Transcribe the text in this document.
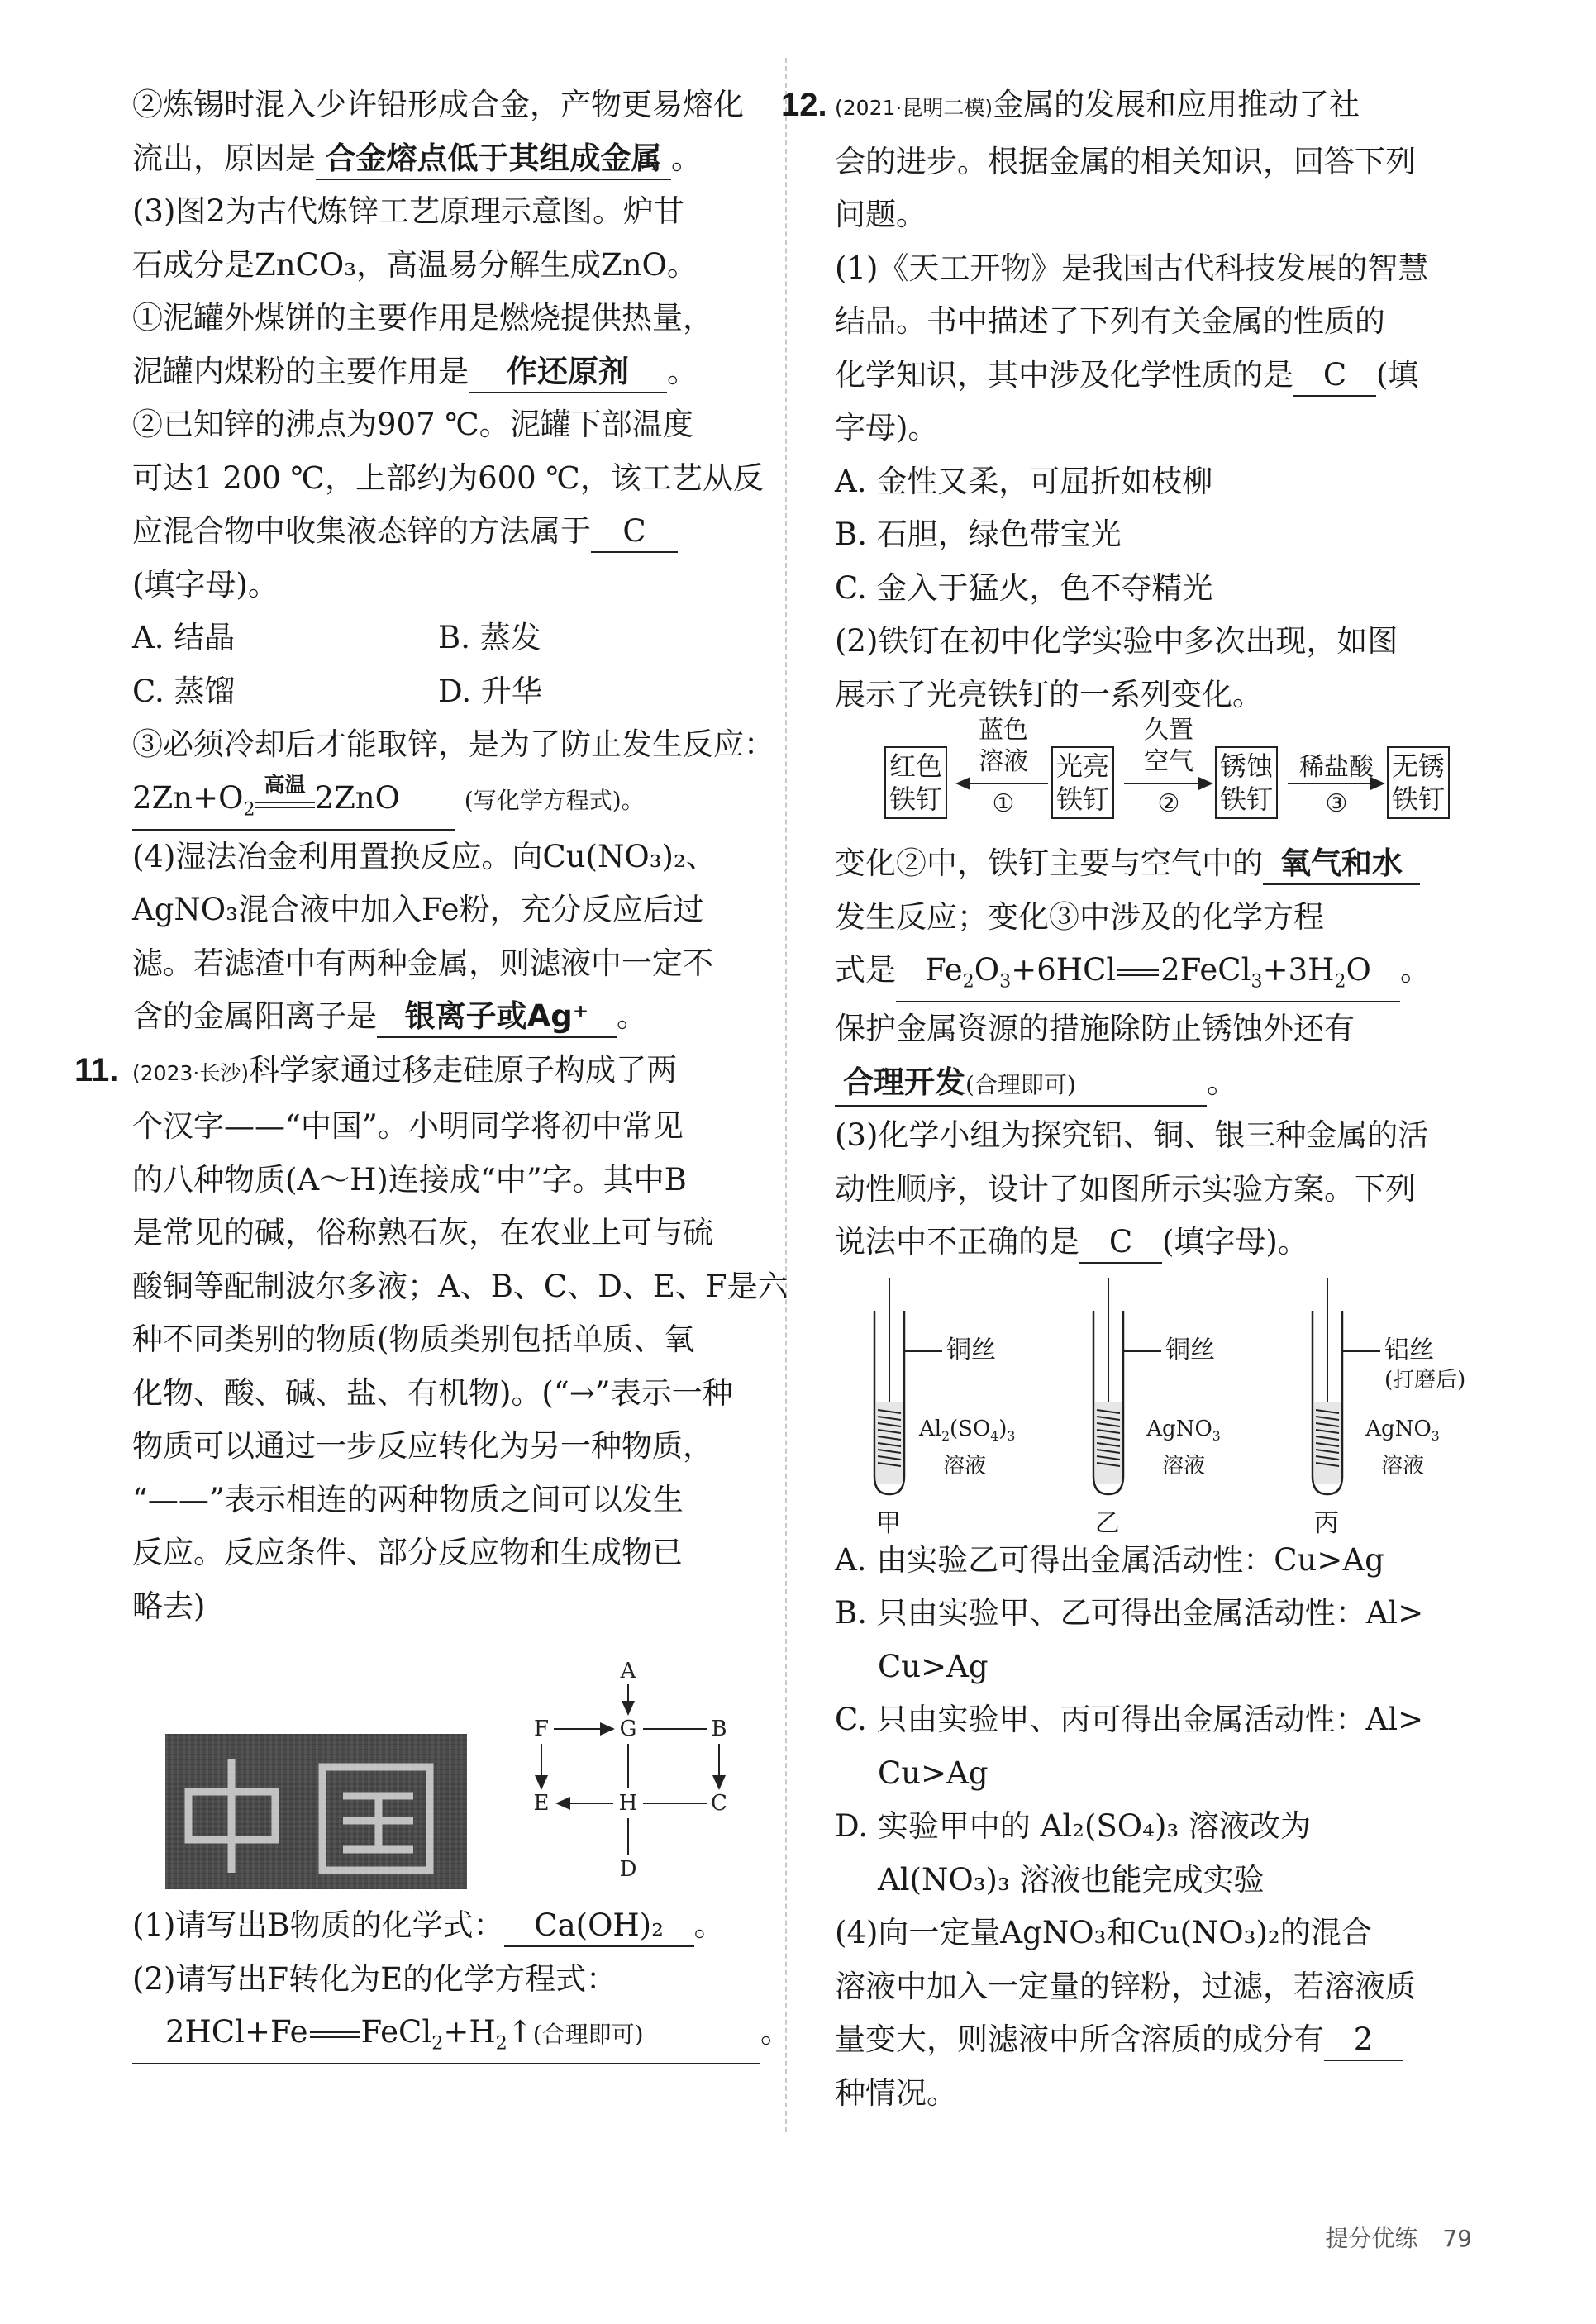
②炼锡时混入少许铅形成合金，产物更易熔化
流出，原因是 合金熔点低于其组成金属 。
(3)图2为古代炼锌工艺原理示意图。炉甘
石成分是ZnCO₃，高温易分解生成ZnO。
①泥罐外煤饼的主要作用是燃烧提供热量，
泥罐内煤粉的主要作用是 作还原剂 。
②已知锌的沸点为907 ℃。泥罐下部温度
可达1 200 ℃，上部约为600 ℃，该工艺从反
应混合物中收集液态锌的方法属于 C
(填字母)。
A. 结晶	B. 蒸发
C. 蒸馏	D. 升华
③必须冷却后才能取锌，是为了防止发生反应：
$2Zn+O_2$
高温 2ZnO	(写化学方程式)。
(4)湿法冶金利用置换反应。向Cu(NO₃)₂、
AgNO₃混合液中加入Fe粉，充分反应后过
滤。若滤渣中有两种金属，则滤液中一定不
含的金属阳离子是 银离子或Ag⁺ 。
11. (2023·长沙)科学家通过移走硅原子构成了两
个汉字——“中国”。小明同学将初中常见
的八种物质(A～H)连接成“中”字。其中B
是常见的碱，俗称熟石灰，在农业上可与硫
酸铜等配制波尔多液；A、B、C、D、E、F是六
种不同类别的物质(物质类别包括单质、氧
化物、酸、碱、盐、有机物)。(“→”表示一种
物质可以通过一步反应转化为另一种物质，
“——”表示相连的两种物质之间可以发生
反应。反应条件、部分反应物和生成物已
略去)
A
F	G	B
E	H	C
D
(1)请写出B物质的化学式： Ca(OH)₂ 。
(2)请写出F转化为E的化学方程式：
2HCl+Fe $FeCl_2+H_2↑$(合理即可)	。
12. (2021·昆明二模)金属的发展和应用推动了社
会的进步。根据金属的相关知识，回答下列
问题。
(1)《天工开物》是我国古代科技发展的智慧
结晶。书中描述了下列有关金属的性质的
化学知识，其中涉及化学性质的是 C (填
字母)。
A. 金性又柔，可屈折如枝柳
B. 石胆，绿色带宝光
C. 金入于猛火，色不夺精光
(2)铁钉在初中化学实验中多次出现，如图
展示了光亮铁钉的一系列变化。
红色
铁钉
光亮
铁钉
锈蚀
铁钉
无锈
铁钉
蓝色
溶液
①
久置
空气
②
稀盐酸
③
变化②中，铁钉主要与空气中的 氧气和水
发生反应；变化③中涉及的化学方程
式是 $Fe_2O_3+6HCl$ $2FeCl_3+3H_2O$ 。
保护金属资源的措施除防止锈蚀外还有
合理开发(合理即可)	。
(3)化学小组为探究铝、铜、银三种金属的活
动性顺序，设计了如图所示实验方案。下列
说法中不正确的是 C (填字母)。
铜丝
$Al_2(SO_4)_3$
溶液
甲
铜丝
AgNO$_3$
溶液
乙
铝丝
(打磨后)
AgNO$_3$
溶液
丙
A. 由实验乙可得出金属活动性：Cu>Ag
B. 只由实验甲、乙可得出金属活动性：Al>
Cu>Ag
C. 只由实验甲、丙可得出金属活动性：Al>
Cu>Ag
D. 实验甲中的 Al₂(SO₄)₃ 溶液改为
Al(NO₃)₃ 溶液也能完成实验
(4)向一定量AgNO₃和Cu(NO₃)₂的混合
溶液中加入一定量的锌粉，过滤，若溶液质
量变大，则滤液中所含溶质的成分有 2
种情况。
提分优练 79
